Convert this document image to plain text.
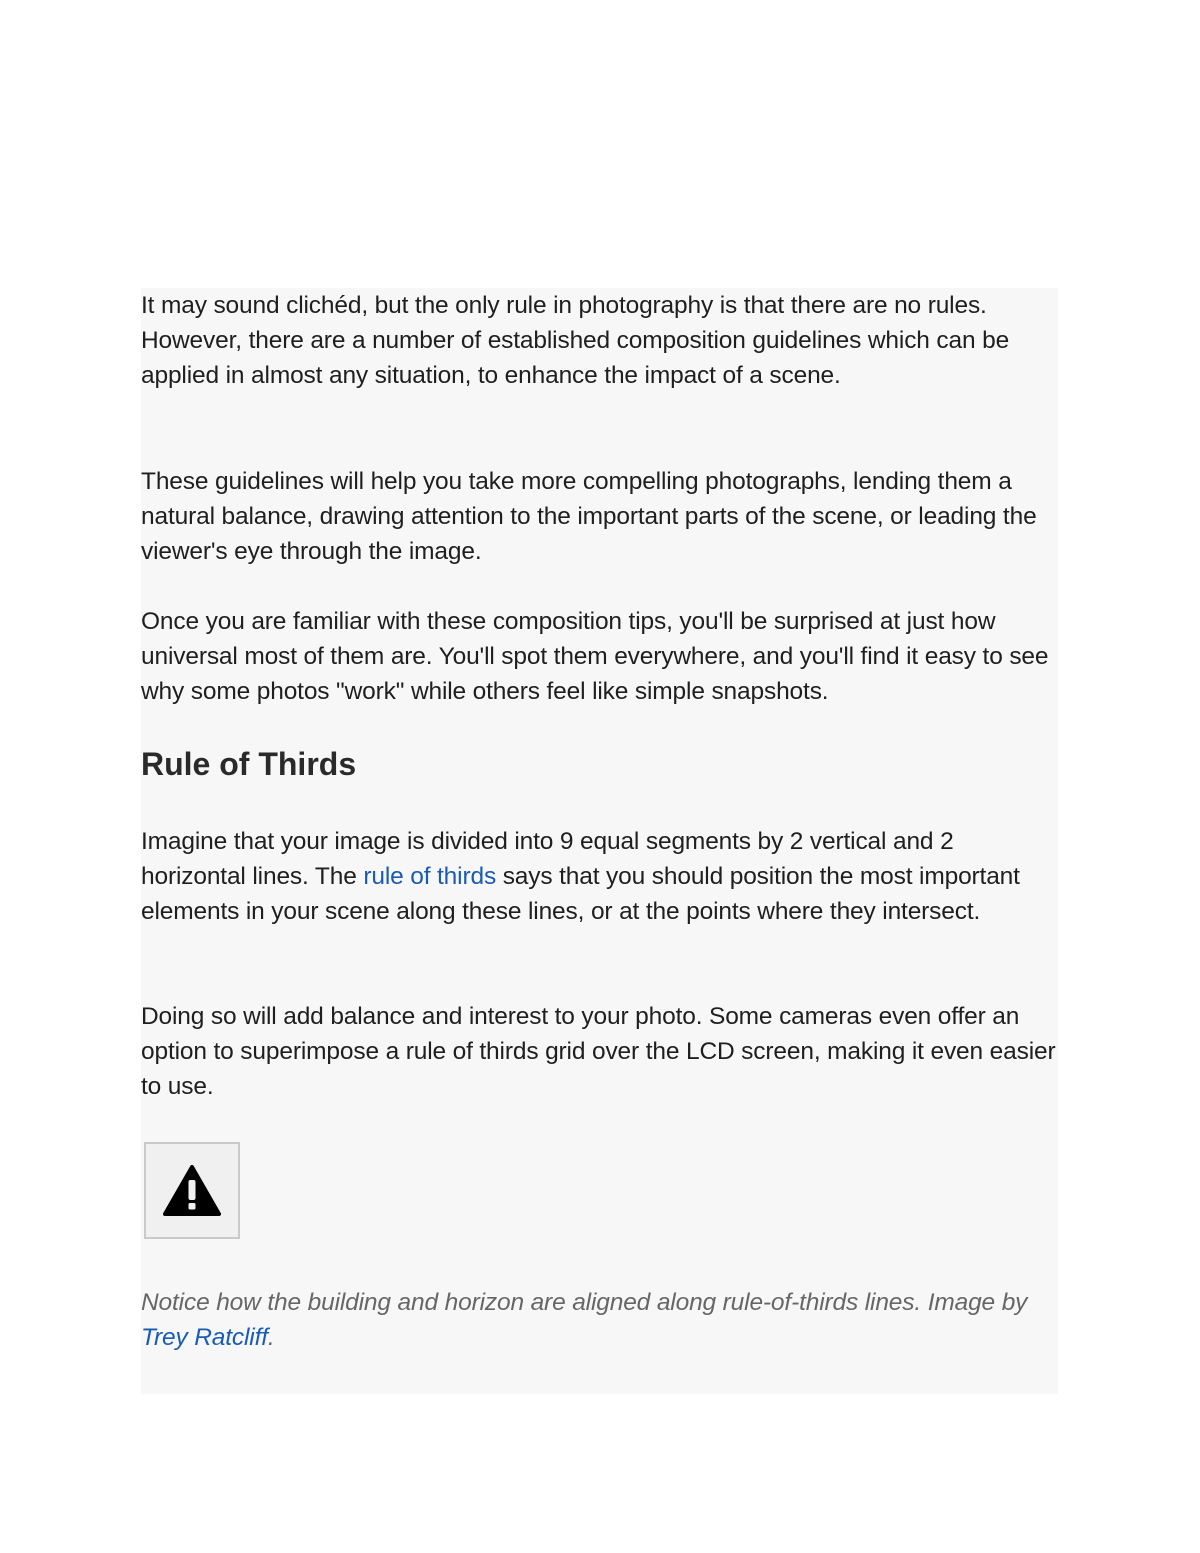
It may sound clichéd, but the only rule in photography is that there are no rules. However, there are a number of established composition guidelines which can be applied in almost any situation, to enhance the impact of a scene.

These guidelines will help you take more compelling photographs, lending them a natural balance, drawing attention to the important parts of the scene, or leading the viewer's eye through the image.

Once you are familiar with these composition tips, you'll be surprised at just how universal most of them are. You'll spot them everywhere, and you'll find it easy to see why some photos "work" while others feel like simple snapshots.

Rule of Thirds

Imagine that your image is divided into 9 equal segments by 2 vertical and 2 horizontal lines. The rule of thirds says that you should position the most important elements in your scene along these lines, or at the points where they intersect.

Doing so will add balance and interest to your photo. Some cameras even offer an option to superimpose a rule of thirds grid over the LCD screen, making it even easier to use.

Notice how the building and horizon are aligned along rule-of-thirds lines. Image by Trey Ratcliff.
